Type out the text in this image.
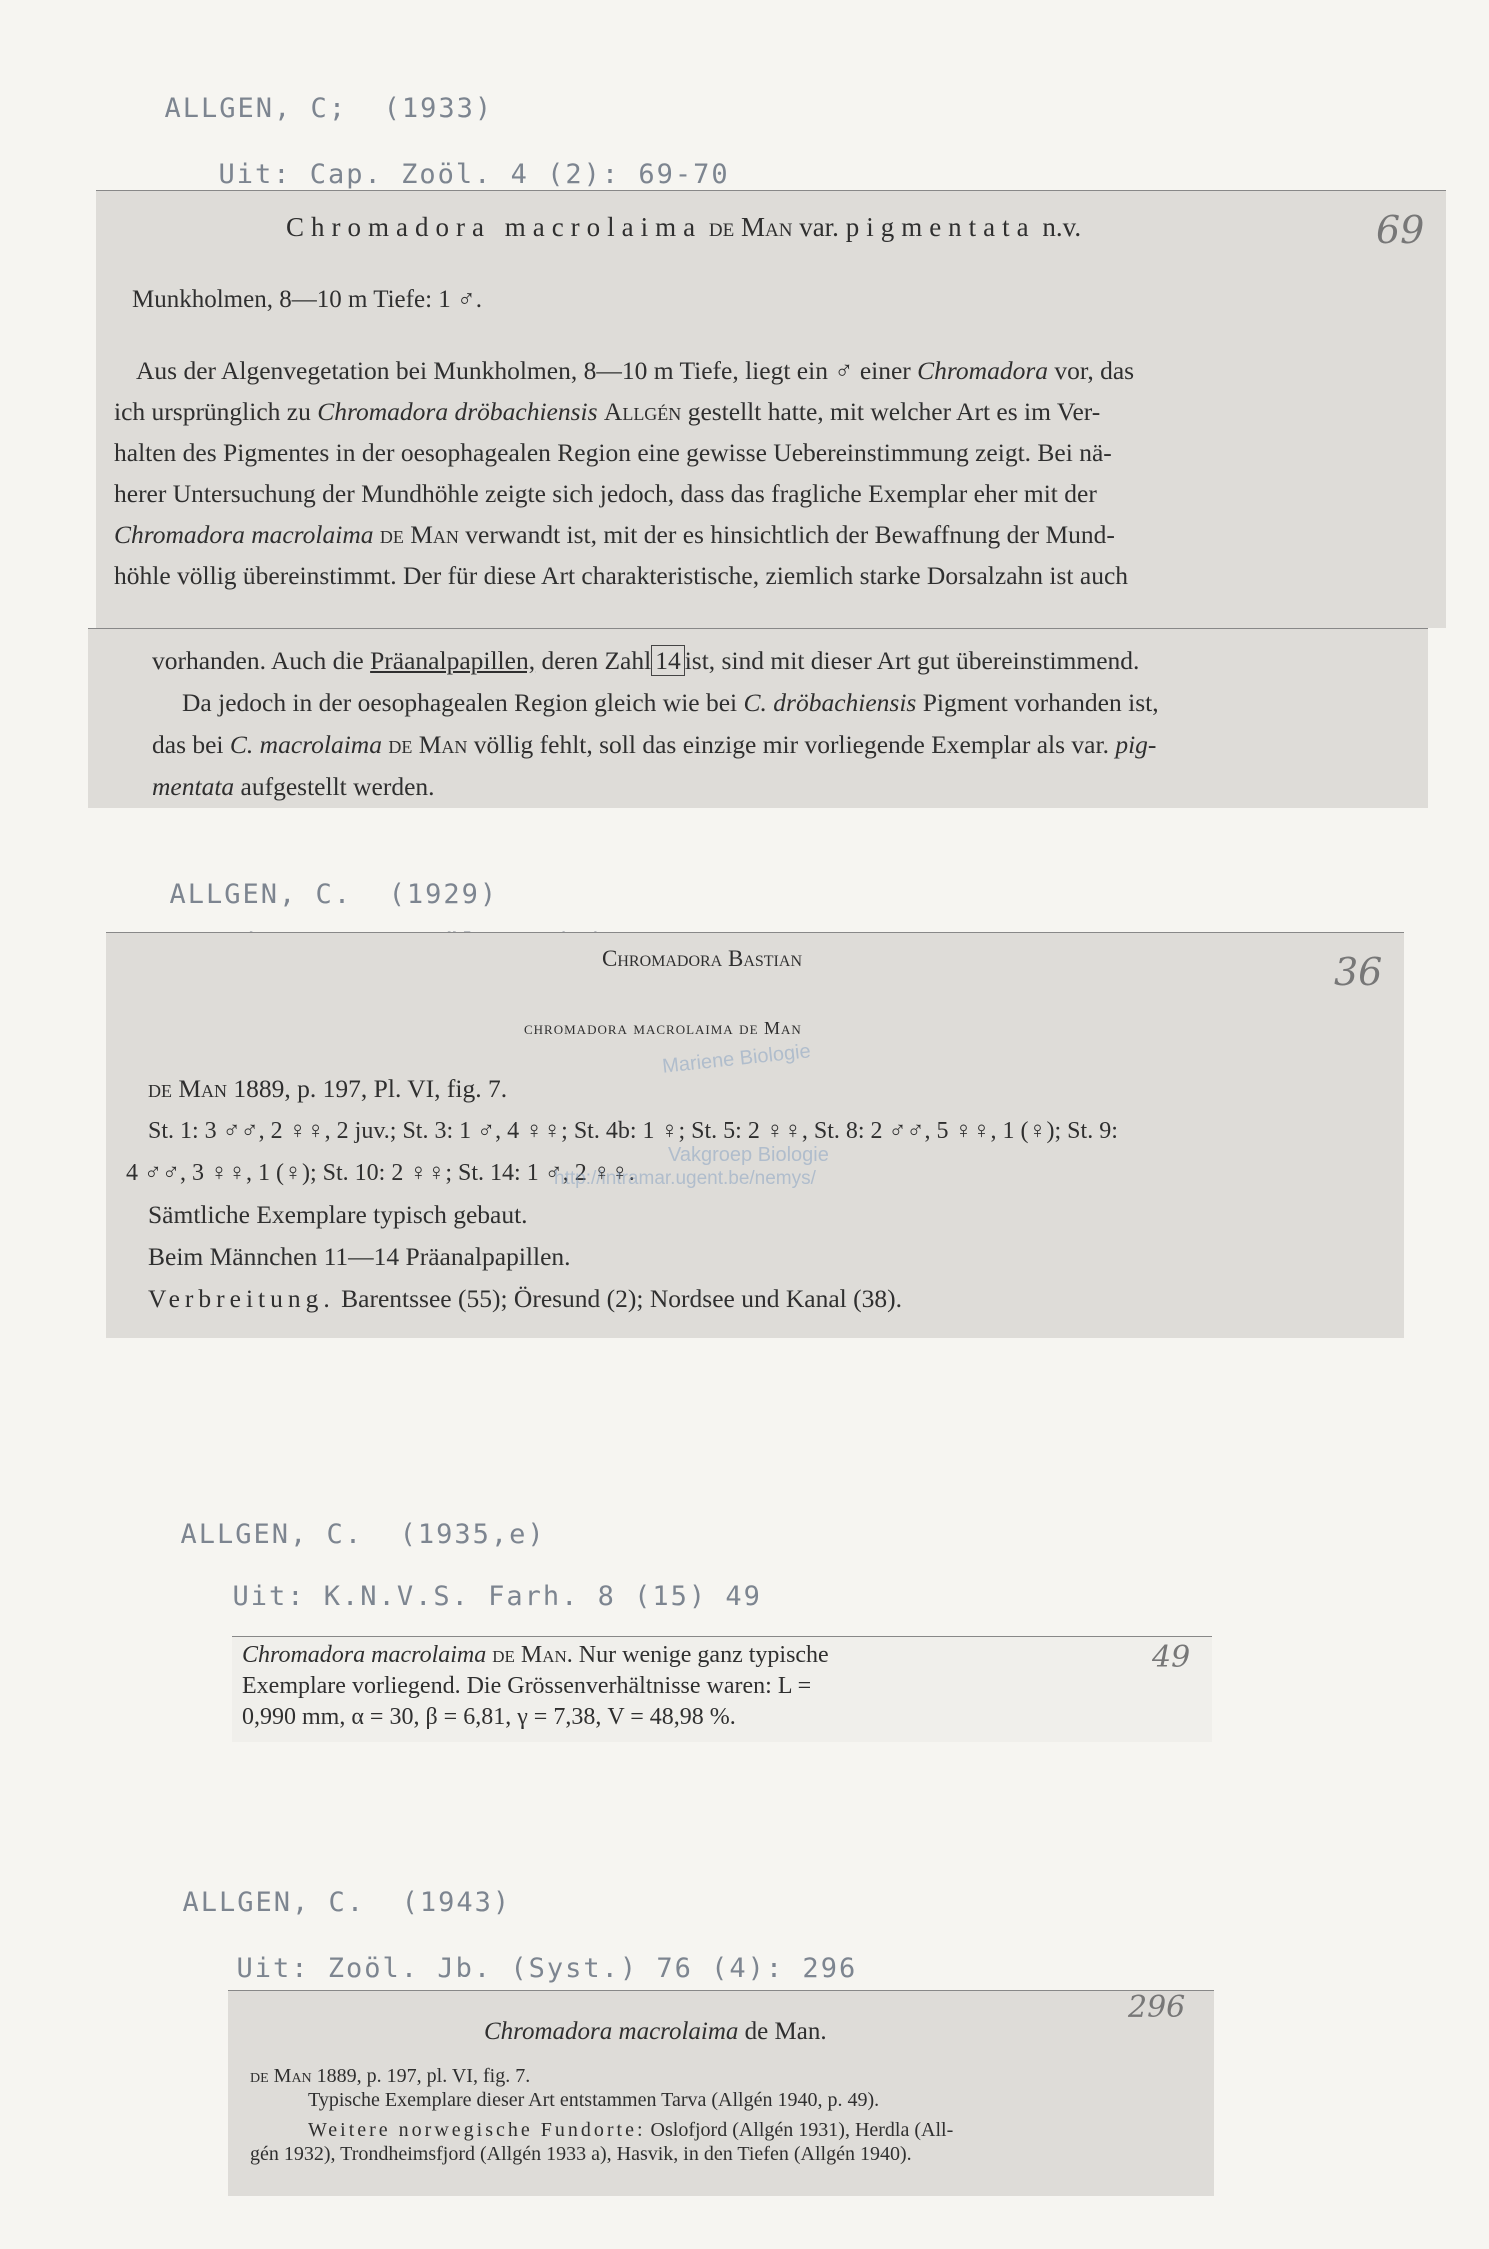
ALLGEN, C; (1933)

Uit: Cap. Zoöl. 4 (2): 69-70

Chromadora macrolaima de Man var. pigmentata n.v.	69
Munkholmen, 8—10 m Tiefe: 1 ♂.
Aus der Algenvegetation bei Munkholmen, 8—10 m Tiefe, liegt ein ♂ einer Chromadora vor, das
ich ursprünglich zu Chromadora dröbachiensis Allgén gestellt hatte, mit welcher Art es im Ver-
halten des Pigmentes in der oesophagealen Region eine gewisse Uebereinstimmung zeigt. Bei nä-
herer Untersuchung der Mundhöhle zeigte sich jedoch, dass das fragliche Exemplar eher mit der
Chromadora macrolaima de Man verwandt ist, mit der es hinsichtlich der Bewaffnung der Mund-
höhle völlig übereinstimmt. Der für diese Art charakteristische, ziemlich starke Dorsalzahn ist auch
vorhanden. Auch die Präanalpapillen, deren Zahl 14 ist, sind mit dieser Art gut übereinstimmend.
Da jedoch in der oesophagealen Region gleich wie bei C. dröbachiensis Pigment vorhanden ist,
das bei C. macrolaima de Man völlig fehlt, soll das einzige mir vorliegende Exemplar als var. pig-
mentata aufgestellt werden.

ALLGEN, C. (1929)

Chromadora Bastian	36
chromadora macrolaima de Man
Mariene Biologie
Vakgroep Biologie
de Man 1889, p. 197, Pl. VI, fig. 7.
St. 1: 3 ♂♂, 2 ♀♀, 2 juv.; St. 3: 1 ♂, 4 ♀♀; St. 4b: 1 ♀; St. 5: 2 ♀♀, St. 8: 2 ♂♂, 5 ♀♀, 1 (♀); St. 9:
4 ♂♂, 3 ♀♀, 1 (♀); St. 10: 2 ♀♀; St. 14: 1 ♂, 2 ♀♀.
Sämtliche Exemplare typisch gebaut.
Beim Männchen 11—14 Präanalpapillen.
Verbreitung. Barentssee (55); Öresund (2); Nordsee und Kanal (38).
http://intramar.ugent.be/nemys/

ALLGEN, C. (1935,e)

Uit: K.N.V.S. Farh. 8 (15) 49

49
Chromadora macrolaima de Man. Nur wenige ganz typische
Exemplare vorliegend. Die Grössenverhältnisse waren: L =
0,990 mm, α = 30, β = 6,81, γ = 7,38, V = 48,98 %.

ALLGEN, C. (1943)

Uit: Zoöl. Jb. (Syst.) 76 (4): 296

296
Chromadora macrolaima de Man.
de Man 1889, p. 197, pl. VI, fig. 7.
Typische Exemplare dieser Art entstammen Tarva (Allgén 1940, p. 49).
Weitere norwegische Fundorte: Oslofjord (Allgén 1931), Herdla (All-
gén 1932), Trondheimsfjord (Allgén 1933 a), Hasvik, in den Tiefen (Allgén 1940).
